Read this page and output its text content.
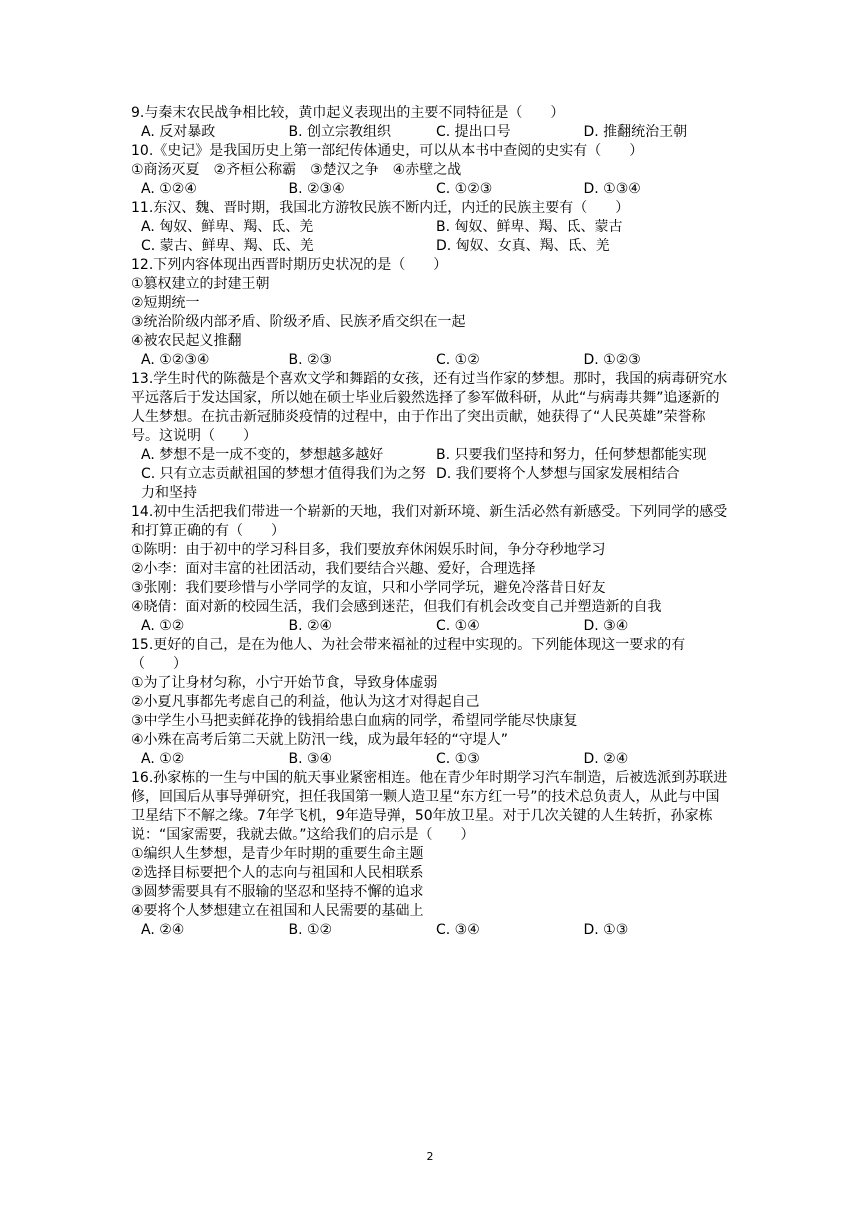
9.与秦末农民战争相比较，黄巾起义表现出的主要不同特征是（　　）

A. 反对暴政	B. 创立宗教组织	C. 提出口号	D. 推翻统治王朝

10.《史记》是我国历史上第一部纪传体通史，可以从本书中查阅的史实有（　　）

①商汤灭夏　②齐桓公称霸　③楚汉之争　④赤壁之战

A. ①②④	B. ②③④	C. ①②③	D. ①③④

11.东汉、魏、晋时期，我国北方游牧民族不断内迁，内迁的民族主要有（　　）

A. 匈奴、鲜卑、羯、氐、羌	B. 匈奴、鲜卑、羯、氐、蒙古
C. 蒙古、鲜卑、羯、氐、羌	D. 匈奴、女真、羯、氐、羌

12.下列内容体现出西晋时期历史状况的是（　　）

①篡权建立的封建王朝

②短期统一

③统治阶级内部矛盾、阶级矛盾、民族矛盾交织在一起

④被农民起义推翻

A. ①②③④	B. ②③	C. ①②	D. ①②③

13.学生时代的陈薇是个喜欢文学和舞蹈的女孩，还有过当作家的梦想。那时，我国的病毒研究水平远落后于发达国家，所以她在硕士毕业后毅然选择了参军做科研，从此“与病毒共舞”追逐新的人生梦想。在抗击新冠肺炎疫情的过程中，由于作出了突出贡献，她获得了“人民英雄”荣誉称号。这说明（　　）

A. 梦想不是一成不变的，梦想越多越好	B. 只要我们坚持和努力，任何梦想都能实现
C. 只有立志贡献祖国的梦想才值得我们为之努力和坚持
D. 我们要将个人梦想与国家发展相结合

14.初中生活把我们带进一个崭新的天地，我们对新环境、新生活必然有新感受。下列同学的感受和打算正确的有（　　）

①陈明：由于初中的学习科目多，我们要放弃休闲娱乐时间，争分夺秒地学习

②小李：面对丰富的社团活动，我们要结合兴趣、爱好，合理选择

③张刚：我们要珍惜与小学同学的友谊，只和小学同学玩，避免冷落昔日好友

④晓倩：面对新的校园生活，我们会感到迷茫，但我们有机会改变自己并塑造新的自我

A. ①②	B. ②④	C. ①④	D. ③④

15.更好的自己，是在为他人、为社会带来福祉的过程中实现的。下列能体现这一要求的有（　　）

①为了让身材匀称，小宁开始节食，导致身体虚弱

②小夏凡事都先考虑自己的利益，他认为这才对得起自己

③中学生小马把卖鲜花挣的钱捐给患白血病的同学，希望同学能尽快康复

④小殊在高考后第二天就上防汛一线，成为最年轻的“守堤人”

A. ①②	B. ③④	C. ①③	D. ②④

16.孙家栋的一生与中国的航天事业紧密相连。他在青少年时期学习汽车制造，后被选派到苏联进修，回国后从事导弹研究，担任我国第一颗人造卫星“东方红一号”的技术总负责人，从此与中国卫星结下不解之缘。7年学飞机，9年造导弹，50年放卫星。对于几次关键的人生转折，孙家栋说：“国家需要，我就去做。”这给我们的启示是（　　）

①编织人生梦想，是青少年时期的重要生命主题

②选择目标要把个人的志向与祖国和人民相联系

③圆梦需要具有不服输的坚忍和坚持不懈的追求

④要将个人梦想建立在祖国和人民需要的基础上

A. ②④	B. ①②	C. ③④	D. ①③
2
